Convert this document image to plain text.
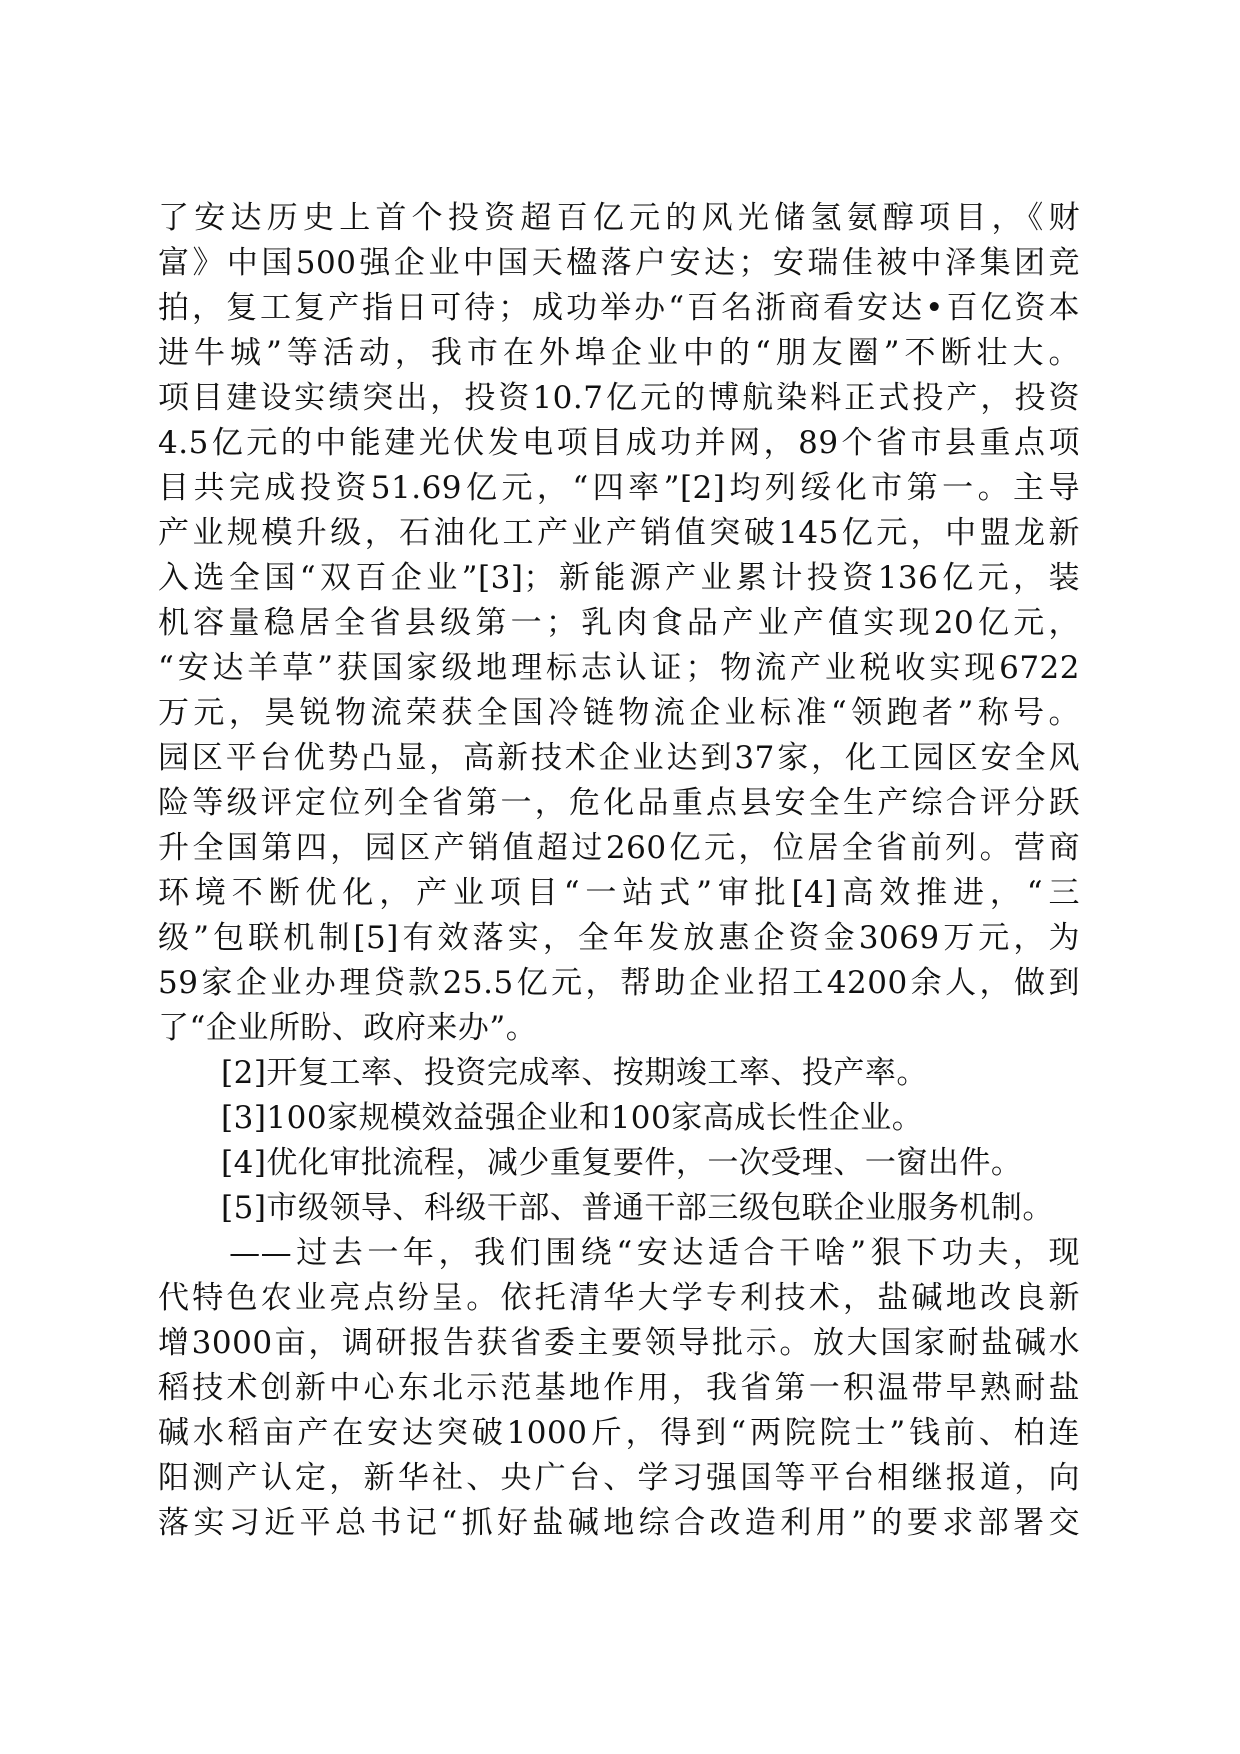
了安达历史上首个投资超百亿元的风光储氢氨醇项目，《财
富》中国500强企业中国天楹落户安达；安瑞佳被中泽集团竞
拍，复工复产指日可待；成功举办“百名浙商看安达•百亿资本
进牛城”等活动，我市在外埠企业中的“朋友圈”不断壮大。
项目建设实绩突出，投资10.7亿元的博航染料正式投产，投资
4.5亿元的中能建光伏发电项目成功并网，89个省市县重点项
目共完成投资51.69亿元，“四率”[2]均列绥化市第一。主导
产业规模升级，石油化工产业产销值突破145亿元，中盟龙新
入选全国“双百企业”[3]；新能源产业累计投资136亿元，装
机容量稳居全省县级第一；乳肉食品产业产值实现20亿元，
“安达羊草”获国家级地理标志认证；物流产业税收实现6722
万元，昊锐物流荣获全国冷链物流企业标准“领跑者”称号。
园区平台优势凸显，高新技术企业达到37家，化工园区安全风
险等级评定位列全省第一，危化品重点县安全生产综合评分跃
升全国第四，园区产销值超过260亿元，位居全省前列。营商
环境不断优化，产业项目“一站式”审批[4]高效推进，“三
级”包联机制[5]有效落实，全年发放惠企资金3069万元，为
59家企业办理贷款25.5亿元，帮助企业招工4200余人，做到
了“企业所盼、政府来办”。
[2]开复工率、投资完成率、按期竣工率、投产率。
[3]100家规模效益强企业和100家高成长性企业。
[4]优化审批流程，减少重复要件，一次受理、一窗出件。
[5]市级领导、科级干部、普通干部三级包联企业服务机制。
　　——过去一年，我们围绕“安达适合干啥”狠下功夫，现
代特色农业亮点纷呈。依托清华大学专利技术，盐碱地改良新
增3000亩，调研报告获省委主要领导批示。放大国家耐盐碱水
稻技术创新中心东北示范基地作用，我省第一积温带早熟耐盐
碱水稻亩产在安达突破1000斤，得到“两院院士”钱前、柏连
阳测产认定，新华社、央广台、学习强国等平台相继报道，向
落实习近平总书记“抓好盐碱地综合改造利用”的要求部署交
